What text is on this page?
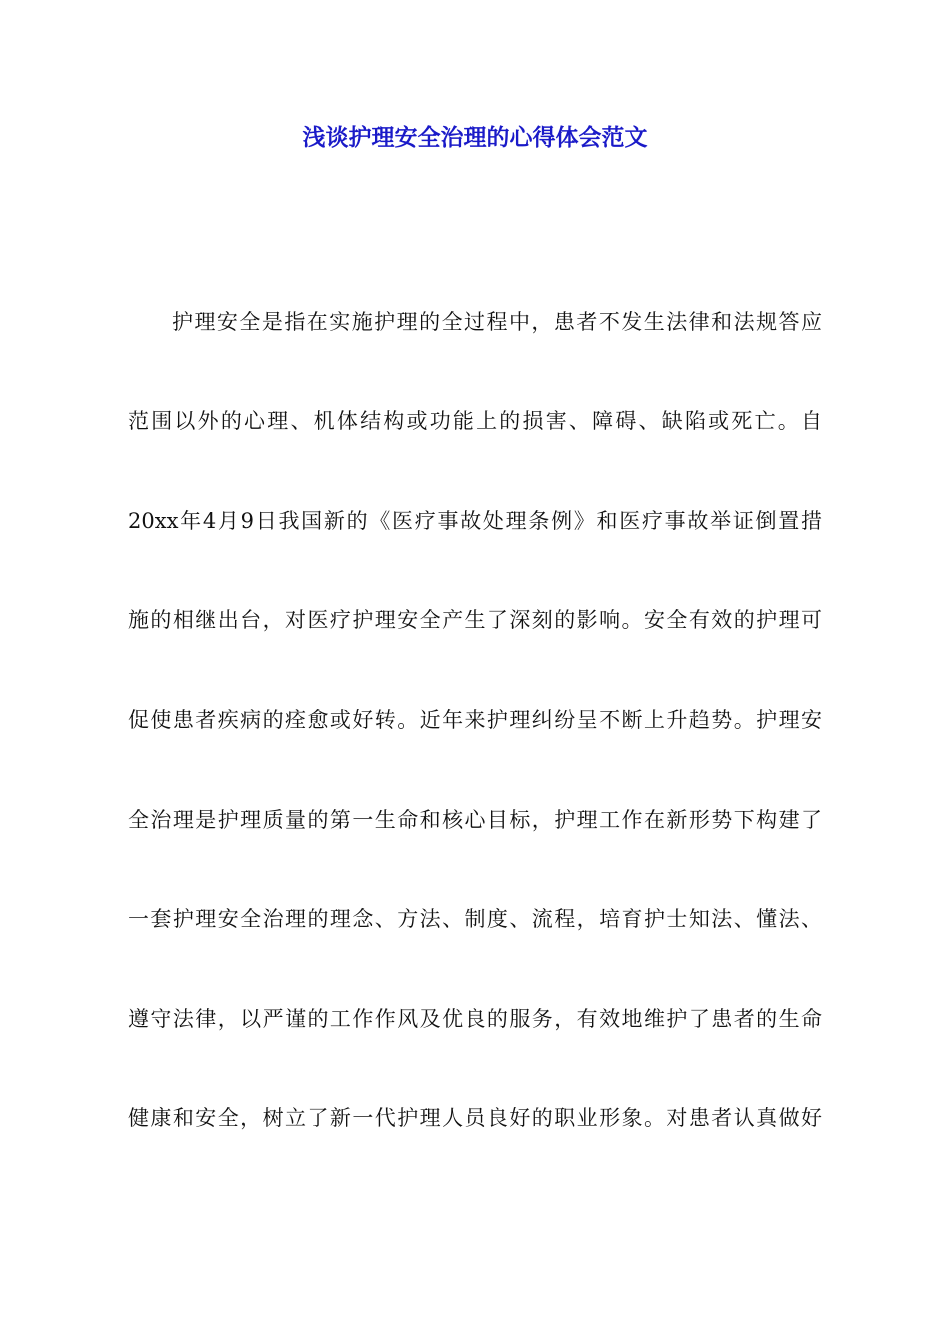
浅谈护理安全治理的心得体会范文
护理安全是指在实施护理的全过程中，患者不发生法律和法规答应
范围以外的心理、机体结构或功能上的损害、障碍、缺陷或死亡。自
20xx年4月9日我国新的《医疗事故处理条例》和医疗事故举证倒置措
施的相继出台，对医疗护理安全产生了深刻的影响。安全有效的护理可
促使患者疾病的痊愈或好转。近年来护理纠纷呈不断上升趋势。护理安
全治理是护理质量的第一生命和核心目标，护理工作在新形势下构建了
一套护理安全治理的理念、方法、制度、流程，培育护士知法、懂法、
遵守法律，以严谨的工作作风及优良的服务，有效地维护了患者的生命
健康和安全，树立了新一代护理人员良好的职业形象。对患者认真做好
